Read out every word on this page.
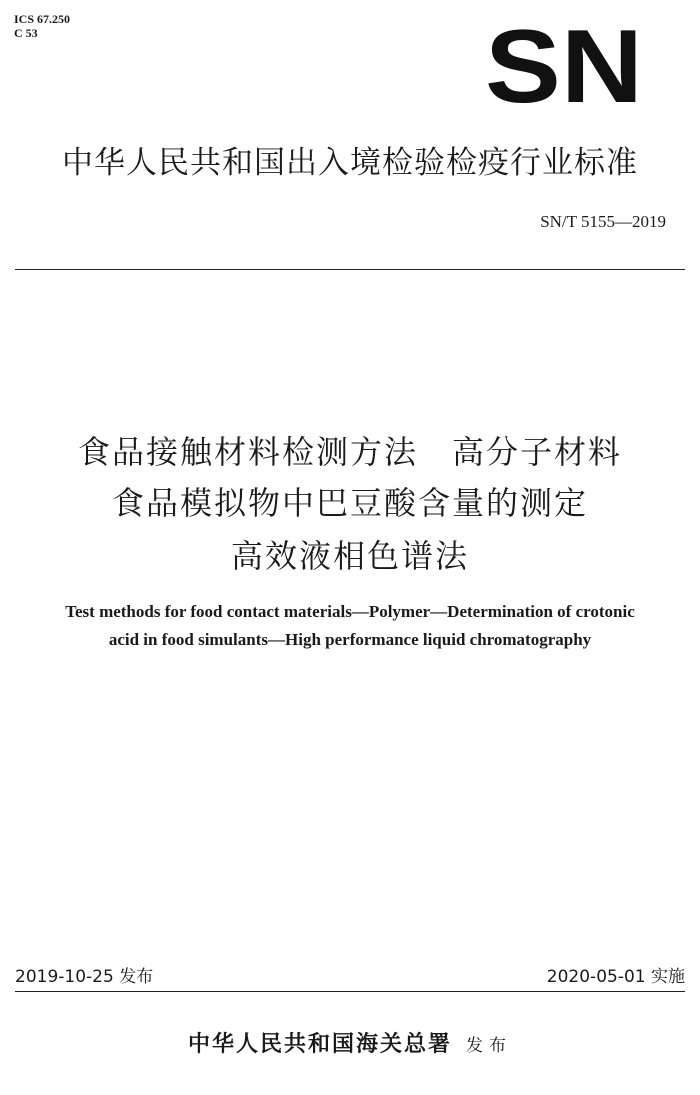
ICS 67.250
C 53	SN
中华人民共和国出入境检验检疫行业标准
SN/T 5155—2019
食品接触材料检测方法　高分子材料
食品模拟物中巴豆酸含量的测定
高效液相色谱法
Test methods for food contact materials—Polymer—Determination of crotonic
acid in food simulants—High performance liquid chromatography
2019-10-25 发布	2020-05-01 实施
中华人民共和国海关总署 发布
